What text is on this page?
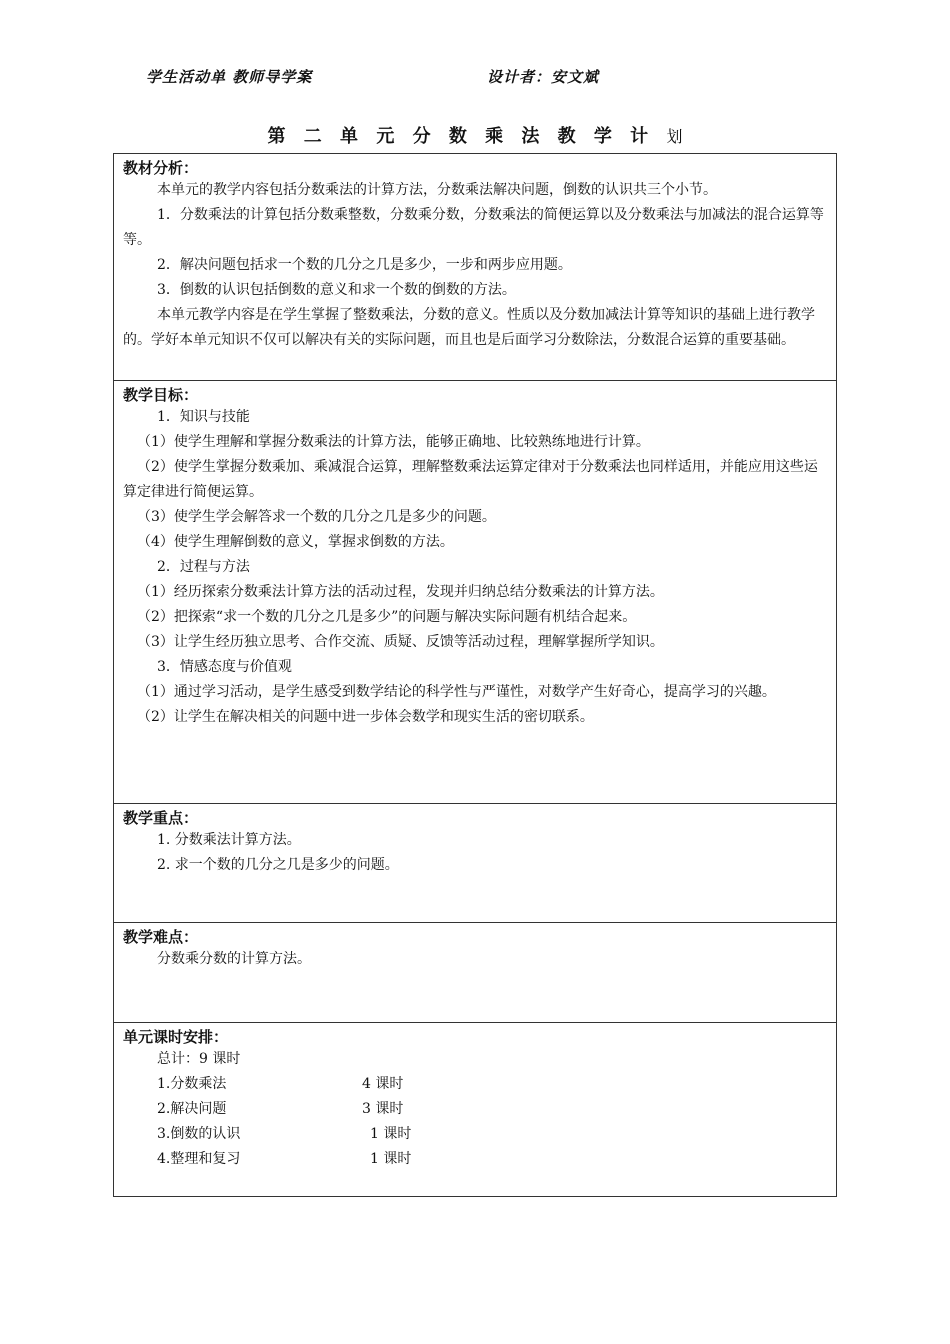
学生活动单 教师导学案	设计者：安文斌
第 二 单 元 分 数 乘 法 教 学 计 划
教材分析：

本单元的教学内容包括分数乘法的计算方法，分数乘法解决问题，倒数的认识共三个小节。

1．分数乘法的计算包括分数乘整数，分数乘分数，分数乘法的简便运算以及分数乘法与加减法的混合运算等等。

2．解决问题包括求一个数的几分之几是多少，一步和两步应用题。

3．倒数的认识包括倒数的意义和求一个数的倒数的方法。

本单元教学内容是在学生掌握了整数乘法，分数的意义。性质以及分数加减法计算等知识的基础上进行教学的。学好本单元知识不仅可以解决有关的实际问题，而且也是后面学习分数除法，分数混合运算的重要基础。

教学目标：

1．知识与技能

（1）使学生理解和掌握分数乘法的计算方法，能够正确地、比较熟练地进行计算。

（2）使学生掌握分数乘加、乘减混合运算，理解整数乘法运算定律对于分数乘法也同样适用，并能应用这些运算定律进行简便运算。

（3）使学生学会解答求一个数的几分之几是多少的问题。

（4）使学生理解倒数的意义，掌握求倒数的方法。

2．过程与方法

（1）经历探索分数乘法计算方法的活动过程，发现并归纳总结分数乘法的计算方法。

（2）把探索“求一个数的几分之几是多少”的问题与解决实际问题有机结合起来。

（3）让学生经历独立思考、合作交流、质疑、反馈等活动过程，理解掌握所学知识。

3．情感态度与价值观

（1）通过学习活动，是学生感受到数学结论的科学性与严谨性，对数学产生好奇心，提高学习的兴趣。

（2）让学生在解决相关的问题中进一步体会数学和现实生活的密切联系。

教学重点：

1. 分数乘法计算方法。

2. 求一个数的几分之几是多少的问题。

教学难点：

分数乘分数的计算方法。

单元课时安排：

总计：9 课时

1.分数乘法	4 课时
2.解决问题	3 课时
3.倒数的认识	1 课时
4.整理和复习	1 课时
